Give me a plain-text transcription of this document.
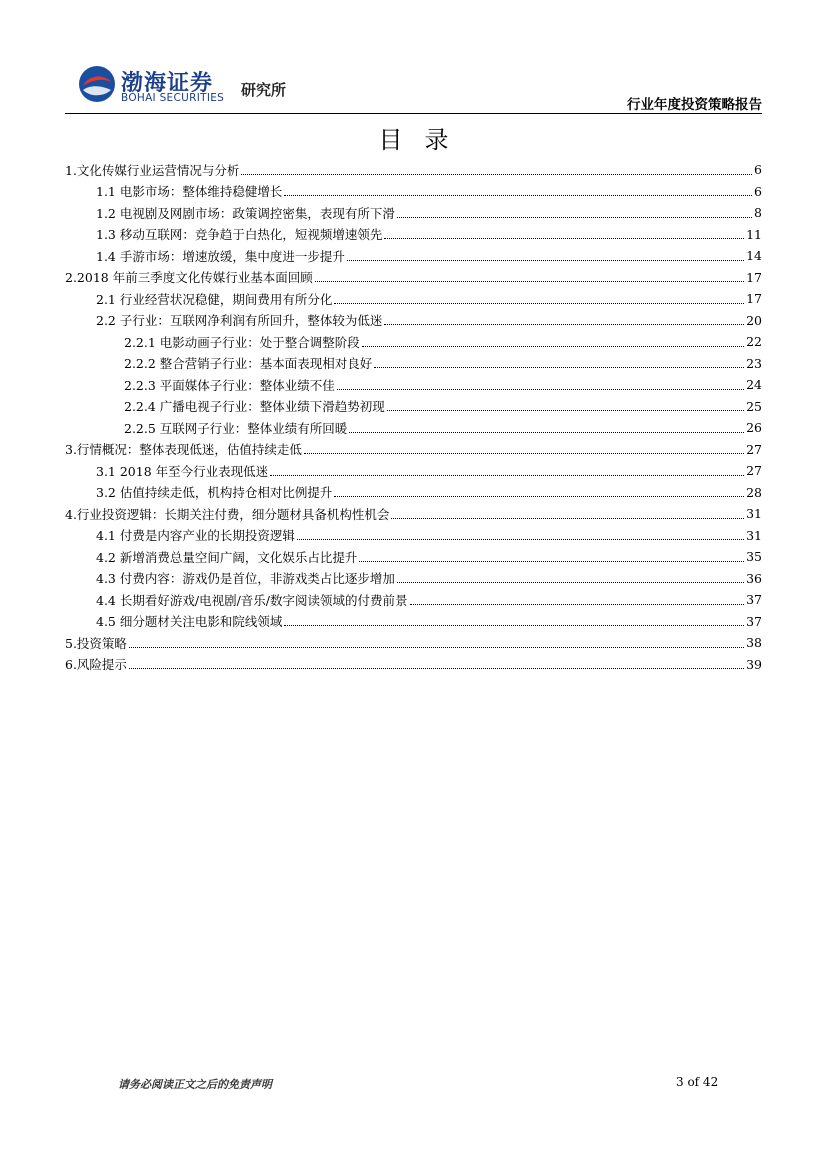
渤海证券
BOHAI SECURITIES 研究所
行业年度投资策略报告
目录
1.文化传媒行业运营情况与分析	6
1.1 电影市场：整体维持稳健增长	6
1.2 电视剧及网剧市场：政策调控密集，表现有所下滑	8
1.3 移动互联网：竞争趋于白热化，短视频增速领先	11
1.4 手游市场：增速放缓，集中度进一步提升	14
2.2018 年前三季度文化传媒行业基本面回顾	17
2.1 行业经营状况稳健，期间费用有所分化	17
2.2 子行业：互联网净利润有所回升，整体较为低迷	20
2.2.1 电影动画子行业：处于整合调整阶段	22
2.2.2 整合营销子行业：基本面表现相对良好	23
2.2.3 平面媒体子行业：整体业绩不佳	24
2.2.4 广播电视子行业：整体业绩下滑趋势初现	25
2.2.5 互联网子行业：整体业绩有所回暖	26
3.行情概况：整体表现低迷，估值持续走低	27
3.1 2018 年至今行业表现低迷	27
3.2 估值持续走低，机构持仓相对比例提升	28
4.行业投资逻辑：长期关注付费，细分题材具备机构性机会	31
4.1 付费是内容产业的长期投资逻辑	31
4.2 新增消费总量空间广阔，文化娱乐占比提升	35
4.3 付费内容：游戏仍是首位，非游戏类占比逐步增加	36
4.4 长期看好游戏/电视剧/音乐/数字阅读领域的付费前景	37
4.5 细分题材关注电影和院线领域	37
5.投资策略	38
6.风险提示	39
请务必阅读正文之后的免责声明	3 of 42
